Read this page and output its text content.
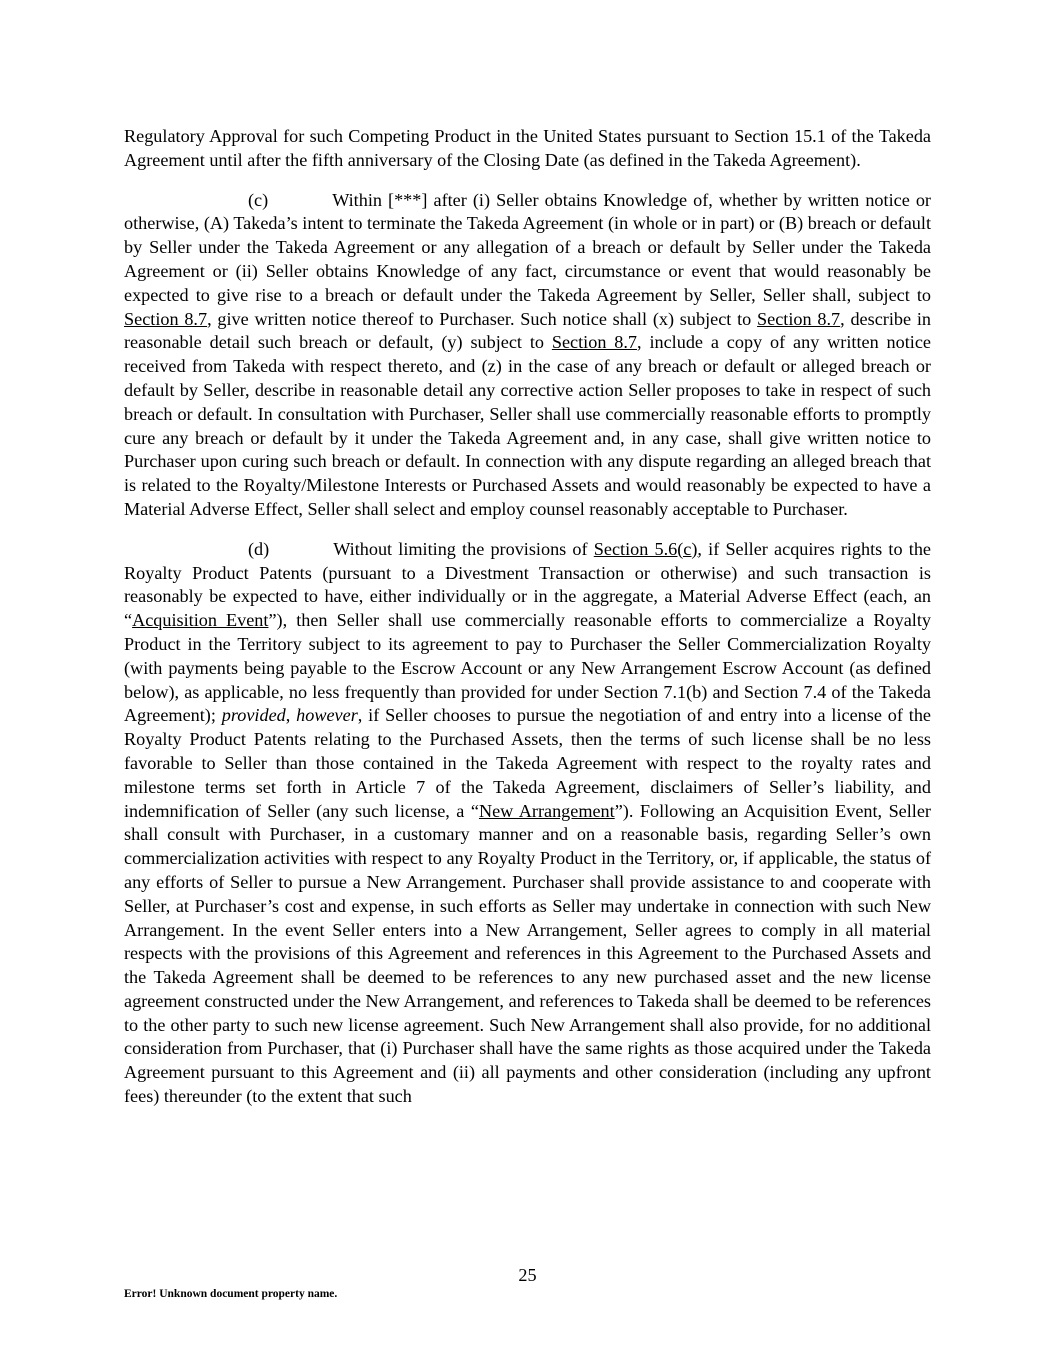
Regulatory Approval for such Competing Product in the United States pursuant to Section 15.1 of the Takeda Agreement until after the fifth anniversary of the Closing Date (as defined in the Takeda Agreement).

(c)	Within [***] after (i) Seller obtains Knowledge of, whether by written notice or otherwise, (A) Takeda’s intent to terminate the Takeda Agreement (in whole or in part) or (B) breach or default by Seller under the Takeda Agreement or any allegation of a breach or default by Seller under the Takeda Agreement or (ii) Seller obtains Knowledge of any fact, circumstance or event that would reasonably be expected to give rise to a breach or default under the Takeda Agreement by Seller, Seller shall, subject to Section 8.7, give written notice thereof to Purchaser. Such notice shall (x) subject to Section 8.7, describe in reasonable detail such breach or default, (y) subject to Section 8.7, include a copy of any written notice received from Takeda with respect thereto, and (z) in the case of any breach or default or alleged breach or default by Seller, describe in reasonable detail any corrective action Seller proposes to take in respect of such breach or default. In consultation with Purchaser, Seller shall use commercially reasonable efforts to promptly cure any breach or default by it under the Takeda Agreement and, in any case, shall give written notice to Purchaser upon curing such breach or default. In connection with any dispute regarding an alleged breach that is related to the Royalty/Milestone Interests or Purchased Assets and would reasonably be expected to have a Material Adverse Effect, Seller shall select and employ counsel reasonably acceptable to Purchaser.

(d)	Without limiting the provisions of Section 5.6(c), if Seller acquires rights to the Royalty Product Patents (pursuant to a Divestment Transaction or otherwise) and such transaction is reasonably be expected to have, either individually or in the aggregate, a Material Adverse Effect (each, an “Acquisition Event”), then Seller shall use commercially reasonable efforts to commercialize a Royalty Product in the Territory subject to its agreement to pay to Purchaser the Seller Commercialization Royalty (with payments being payable to the Escrow Account or any New Arrangement Escrow Account (as defined below), as applicable, no less frequently than provided for under Section 7.1(b) and Section 7.4 of the Takeda Agreement); provided, however, if Seller chooses to pursue the negotiation of and entry into a license of the Royalty Product Patents relating to the Purchased Assets, then the terms of such license shall be no less favorable to Seller than those contained in the Takeda Agreement with respect to the royalty rates and milestone terms set forth in Article 7 of the Takeda Agreement, disclaimers of Seller’s liability, and indemnification of Seller (any such license, a “New Arrangement”). Following an Acquisition Event, Seller shall consult with Purchaser, in a customary manner and on a reasonable basis, regarding Seller’s own commercialization activities with respect to any Royalty Product in the Territory, or, if applicable, the status of any efforts of Seller to pursue a New Arrangement. Purchaser shall provide assistance to and cooperate with Seller, at Purchaser’s cost and expense, in such efforts as Seller may undertake in connection with such New Arrangement. In the event Seller enters into a New Arrangement, Seller agrees to comply in all material respects with the provisions of this Agreement and references in this Agreement to the Purchased Assets and the Takeda Agreement shall be deemed to be references to any new purchased asset and the new license agreement constructed under the New Arrangement, and references to Takeda shall be deemed to be references to the other party to such new license agreement. Such New Arrangement shall also provide, for no additional consideration from Purchaser, that (i) Purchaser shall have the same rights as those acquired under the Takeda Agreement pursuant to this Agreement and (ii) all payments and other consideration (including any upfront fees) thereunder (to the extent that such

25
Error! Unknown document property name.
